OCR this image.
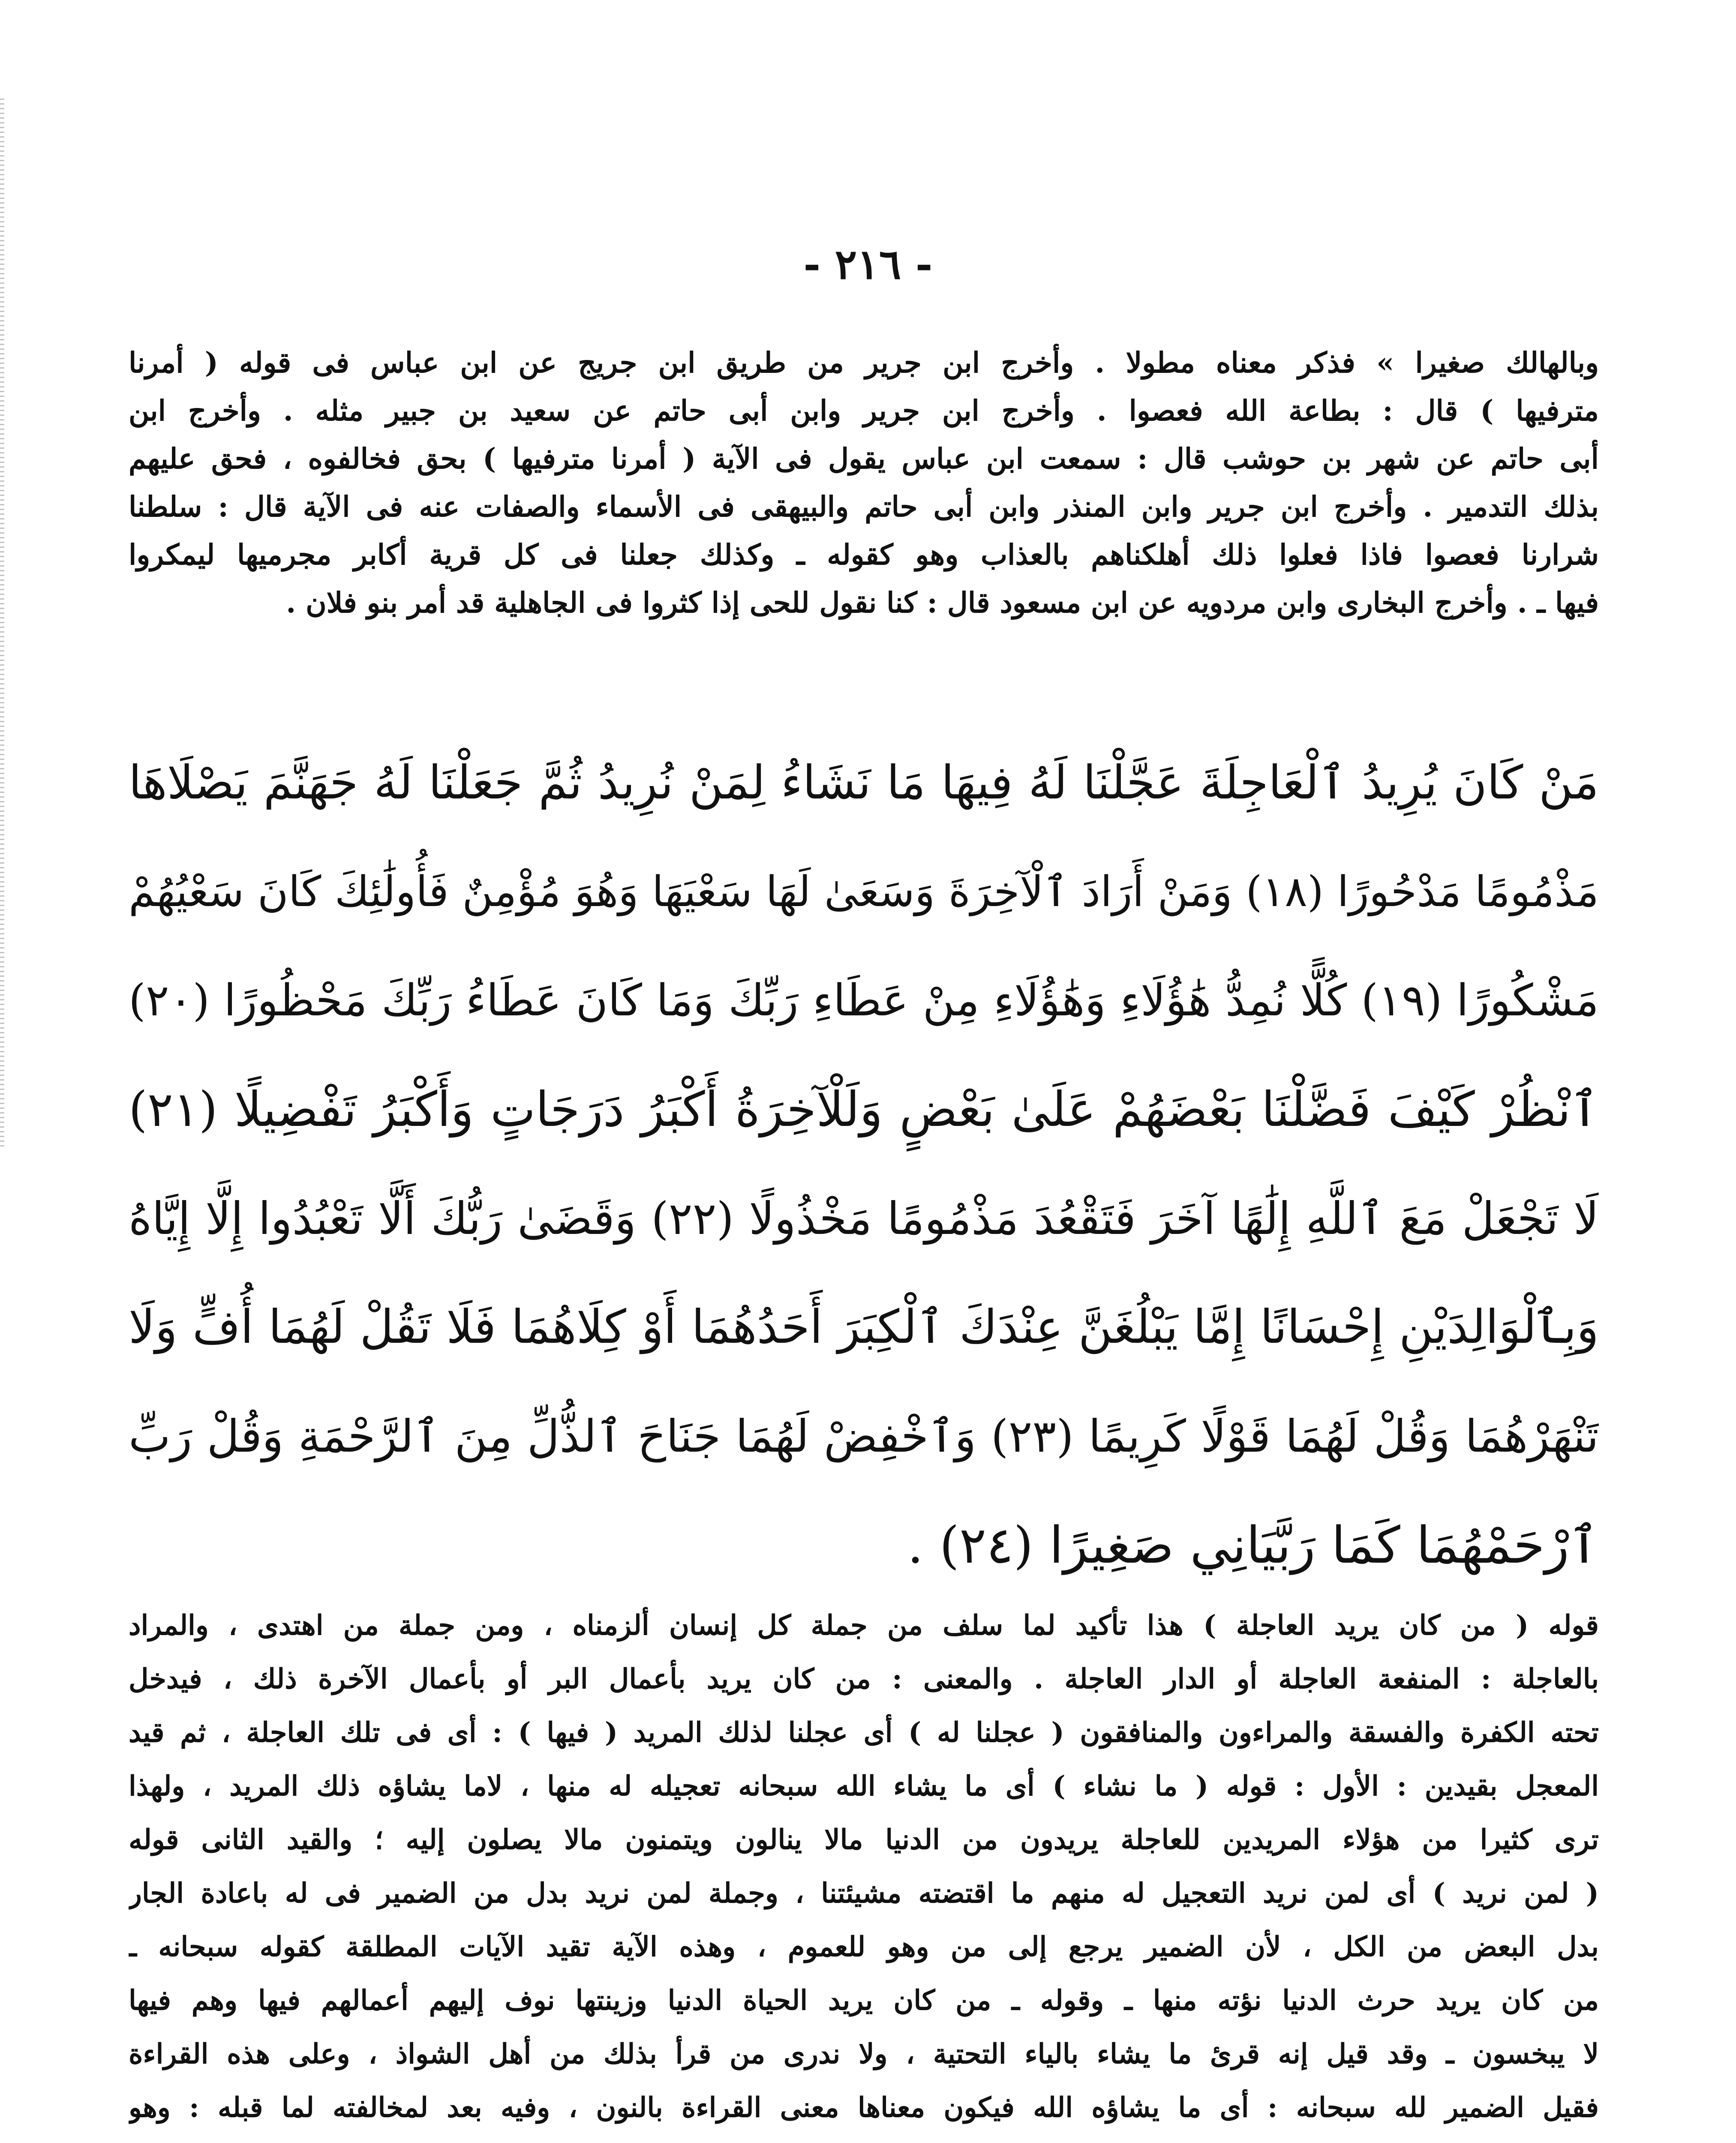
- ٢١٦ -
وبالهالك صغيرا » فذكر معناه مطولا . وأخرج ابن جرير من طريق ابن جريج عن ابن عباس فى قوله ( أمرنا
مترفيها ) قال : بطاعة الله فعصوا . وأخرج ابن جرير وابن أبى حاتم عن سعيد بن جبير مثله . وأخرج ابن
أبى حاتم عن شهر بن حوشب قال : سمعت ابن عباس يقول فى الآية ( أمرنا مترفيها ) بحق فخالفوه ، فحق عليهم
بذلك التدمير . وأخرج ابن جرير وابن المنذر وابن أبى حاتم والبيهقى فى الأسماء والصفات عنه فى الآية قال : سلطنا
شرارنا فعصوا فاذا فعلوا ذلك أهلكناهم بالعذاب وهو كقوله ـ وكذلك جعلنا فى كل قرية أكابر مجرميها ليمكروا
فيها ـ . وأخرج البخارى وابن مردويه عن ابن مسعود قال : كنا نقول للحى إذا كثروا فى الجاهلية قد أمر بنو فلان .
مَنْ كَانَ يُرِيدُ ٱلْعَاجِلَةَ عَجَّلْنَا لَهُ فِيهَا مَا نَشَاءُ لِمَنْ نُرِيدُ ثُمَّ جَعَلْنَا لَهُ جَهَنَّمَ يَصْلَاهَا
مَذْمُومًا مَدْحُورًا (١٨) وَمَنْ أَرَادَ ٱلْآخِرَةَ وَسَعَىٰ لَهَا سَعْيَهَا وَهُوَ مُؤْمِنٌ فَأُولَٰئِكَ كَانَ سَعْيُهُمْ
مَشْكُورًا (١٩) كُلًّا نُمِدُّ هَٰؤُلَاءِ وَهَٰؤُلَاءِ مِنْ عَطَاءِ رَبِّكَ وَمَا كَانَ عَطَاءُ رَبِّكَ مَحْظُورًا (٢٠)
ٱنْظُرْ كَيْفَ فَضَّلْنَا بَعْضَهُمْ عَلَىٰ بَعْضٍ وَلَلْآخِرَةُ أَكْبَرُ دَرَجَاتٍ وَأَكْبَرُ تَفْضِيلًا (٢١)
لَا تَجْعَلْ مَعَ ٱللَّهِ إِلَٰهًا آخَرَ فَتَقْعُدَ مَذْمُومًا مَخْذُولًا (٢٢) وَقَضَىٰ رَبُّكَ أَلَّا تَعْبُدُوا إِلَّا إِيَّاهُ
وَبِٱلْوَالِدَيْنِ إِحْسَانًا إِمَّا يَبْلُغَنَّ عِنْدَكَ ٱلْكِبَرَ أَحَدُهُمَا أَوْ كِلَاهُمَا فَلَا تَقُلْ لَهُمَا أُفٍّ وَلَا
تَنْهَرْهُمَا وَقُلْ لَهُمَا قَوْلًا كَرِيمًا (٢٣) وَٱخْفِضْ لَهُمَا جَنَاحَ ٱلذُّلِّ مِنَ ٱلرَّحْمَةِ وَقُلْ رَبِّ
ٱرْحَمْهُمَا كَمَا رَبَّيَانِي صَغِيرًا (٢٤) .
قوله ( من كان يريد العاجلة ) هذا تأكيد لما سلف من جملة كل إنسان ألزمناه ، ومن جملة من اهتدى ، والمراد
بالعاجلة : المنفعة العاجلة أو الدار العاجلة . والمعنى : من كان يريد بأعمال البر أو بأعمال الآخرة ذلك ، فيدخل
تحته الكفرة والفسقة والمراءون والمنافقون ( عجلنا له ) أى عجلنا لذلك المريد ( فيها ) : أى فى تلك العاجلة ، ثم قيد
المعجل بقيدين : الأول : قوله ( ما نشاء ) أى ما يشاء الله سبحانه تعجيله له منها ، لاما يشاؤه ذلك المريد ، ولهذا
ترى كثيرا من هؤلاء المريدين للعاجلة يريدون من الدنيا مالا ينالون ويتمنون مالا يصلون إليه ؛ والقيد الثانى قوله
( لمن نريد ) أى لمن نريد التعجيل له منهم ما اقتضته مشيئتنا ، وجملة لمن نريد بدل من الضمير فى له باعادة الجار
بدل البعض من الكل ، لأن الضمير يرجع إلى من وهو للعموم ، وهذه الآية تقيد الآيات المطلقة كقوله سبحانه ـ
من كان يريد حرث الدنيا نؤته منها ـ وقوله ـ من كان يريد الحياة الدنيا وزينتها نوف إليهم أعمالهم فيها وهم فيها
لا يبخسون ـ وقد قيل إنه قرئ ما يشاء بالياء التحتية ، ولا ندرى من قرأ بذلك من أهل الشواذ ، وعلى هذه القراءة
فقيل الضمير لله سبحانه : أى ما يشاؤه الله فيكون معناها معنى القراءة بالنون ، وفيه بعد لمخالفته لما قبله : وهو
